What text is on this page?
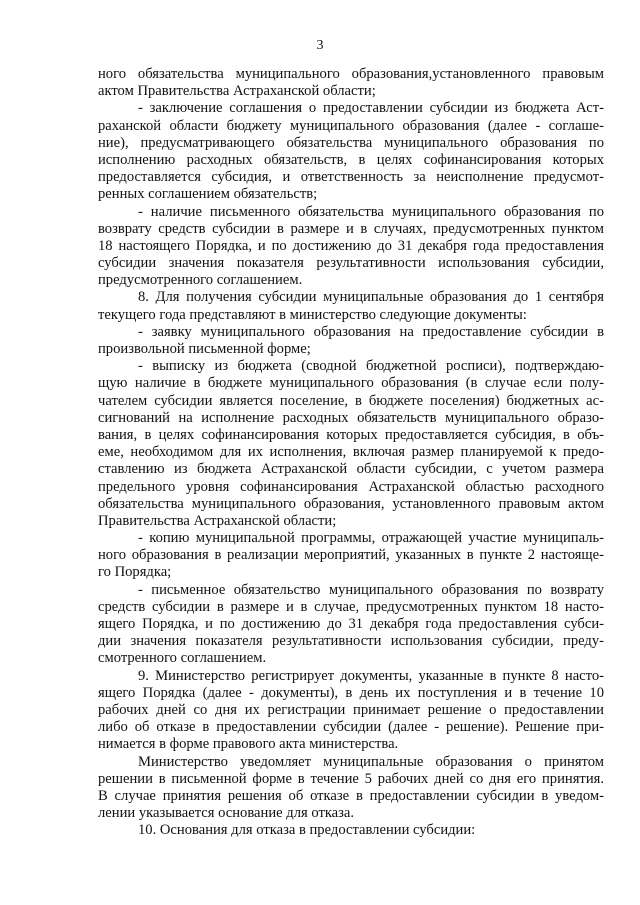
3
ного обязательства муниципального образования,установленного правовым
актом Правительства Астраханской области;
- заключение соглашения о предоставлении субсидии из бюджета Аст-
раханской области бюджету муниципального образования (далее - соглаше-
ние), предусматривающего обязательства муниципального образования по
исполнению расходных обязательств, в целях софинансирования которых
предоставляется субсидия, и ответственность за неисполнение предусмот-
ренных соглашением обязательств;
- наличие письменного обязательства муниципального образования по
возврату средств субсидии в размере и в случаях, предусмотренных пунктом
18 настоящего Порядка, и по достижению до 31 декабря года предоставления
субсидии значения показателя результативности использования субсидии,
предусмотренного соглашением.
8. Для получения субсидии муниципальные образования до 1 сентября
текущего года представляют в министерство следующие документы:
- заявку муниципального образования на предоставление субсидии в
произвольной письменной форме;
- выписку из бюджета (сводной бюджетной росписи), подтверждаю-
щую наличие в бюджете муниципального образования (в случае если полу-
чателем субсидии является поселение, в бюджете поселения) бюджетных ас-
сигнований на исполнение расходных обязательств муниципального образо-
вания, в целях софинансирования которых предоставляется субсидия, в объ-
еме, необходимом для их исполнения, включая размер планируемой к предо-
ставлению из бюджета Астраханской области субсидии, с учетом размера
предельного уровня софинансирования Астраханской областью расходного
обязательства муниципального образования, установленного правовым актом
Правительства Астраханской области;
- копию муниципальной программы, отражающей участие муниципаль-
ного образования в реализации мероприятий, указанных в пункте 2 настояще-
го Порядка;
- письменное обязательство муниципального образования по возврату
средств субсидии в размере и в случае, предусмотренных пунктом 18 насто-
ящего Порядка, и по достижению до 31 декабря года предоставления субси-
дии значения показателя результативности использования субсидии, преду-
смотренного соглашением.
9. Министерство регистрирует документы, указанные в пункте 8 насто-
ящего Порядка (далее - документы), в день их поступления и в течение 10
рабочих дней со дня их регистрации принимает решение о предоставлении
либо об отказе в предоставлении субсидии (далее - решение). Решение при-
нимается в форме правового акта министерства.
Министерство уведомляет муниципальные образования о принятом
решении в письменной форме в течение 5 рабочих дней со дня его принятия.
В случае принятия решения об отказе в предоставлении субсидии в уведом-
лении указывается основание для отказа.
10. Основания для отказа в предоставлении субсидии:
